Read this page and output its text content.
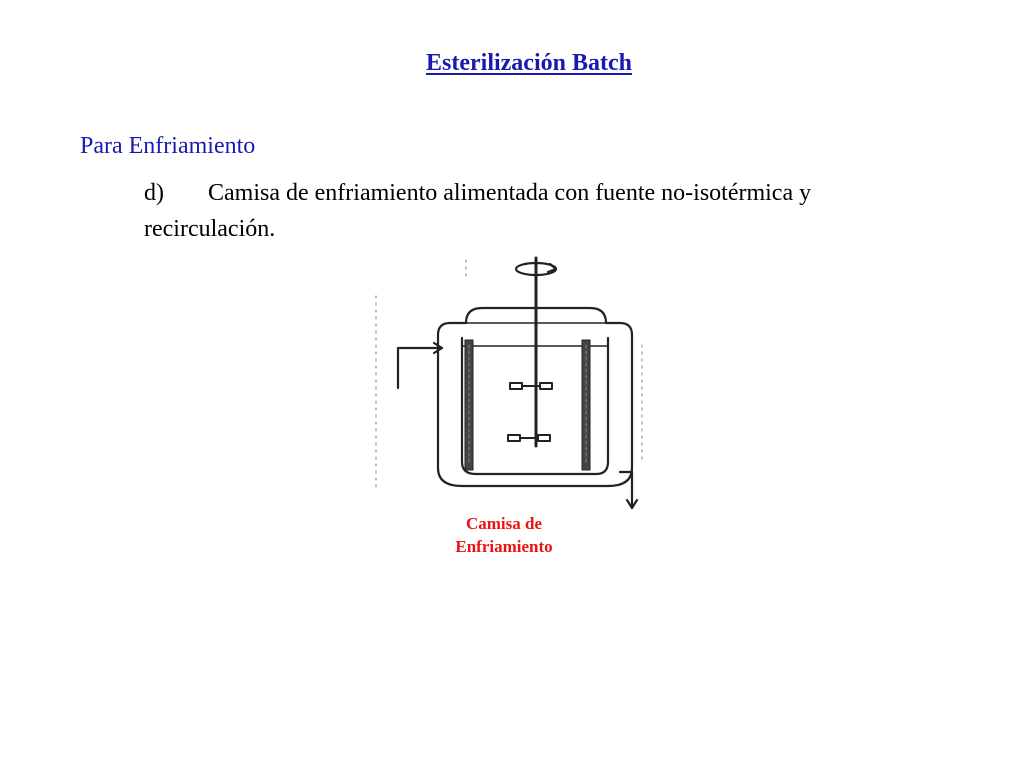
Esterilización Batch
Para Enfriamiento
d) Camisa de enfriamiento alimentada con fuente no-isotérmica y recirculación.
Camisa de
Enfriamiento
